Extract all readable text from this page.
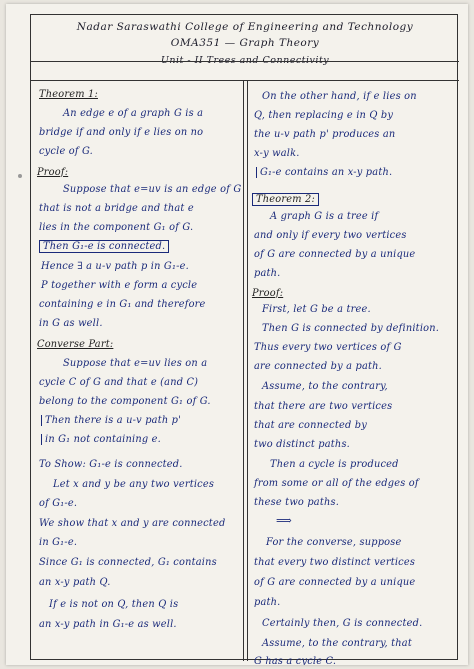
Nadar Saraswathi College of Engineering and Technology
OMA351 — Graph Theory
Unit - II Trees and Connectivity
Theorem 1:
An edge e of a graph G is a
bridge if and only if e lies on no
cycle of G.
Proof:
Suppose that e=uv is an edge of G
that is not a bridge and that e
lies in the component G₁ of G.
Then G₁-e is connected.
Hence ∃ a u-v path p in G₁-e.
P together with e form a cycle
containing e in G₁ and therefore
in G as well.
Converse Part:
Suppose that e=uv lies on a
cycle C of G and that e (and C)
belong to the component G₁ of G.
Then there is a u-v path p'
in G₁ not containing e.
To Show: G₁-e is connected.
Let x and y be any two vertices
of G₁-e.
We show that x and y are connected
in G₁-e.
Since G₁ is connected, G₁ contains
an x-y path Q.
If e is not on Q, then Q is
an x-y path in G₁-e as well.
On the other hand, if e lies on
Q, then replacing e in Q by
the u-v path p' produces an
x-y walk.
G₁-e contains an x-y path.
Theorem 2:
A graph G is a tree if
and only if every two vertices
of G are connected by a unique
path.
Proof:
First, let G be a tree.
Then G is connected by definition.
Thus every two vertices of G
are connected by a path.
Assume, to the contrary,
that there are two vertices
that are connected by
two distinct paths.
Then a cycle is produced
from some or all of the edges of
these two paths.
⟹
For the converse, suppose
that every two distinct vertices
of G are connected by a unique
path.
Certainly then, G is connected.
Assume, to the contrary, that
G has a cycle C.
